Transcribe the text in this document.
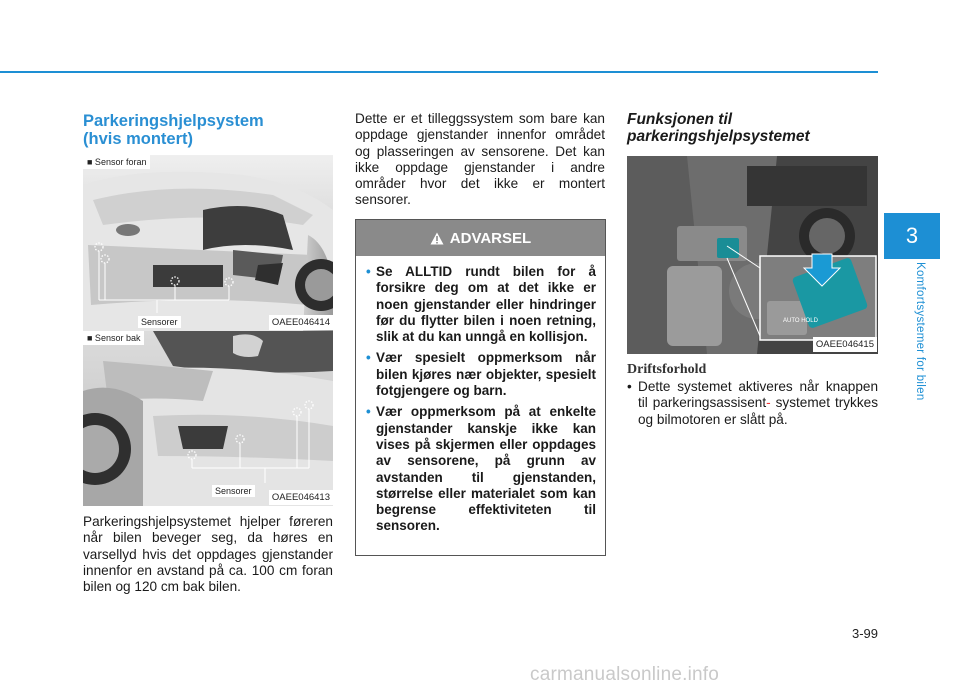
3
Komfortsystemer for bilen
Parkeringshjelpsystem
(hvis montert)
■ Sensor foran
Sensorer	OAEE046414
■ Sensor bak
Sensorer
OAEE046413

Parkeringshjelpsystemet hjelper føreren når bilen beveger seg, da høres en varsellyd hvis det oppdages gjenstander innenfor en avstand på ca. 100 cm foran bilen og 120 cm bak bilen.

Dette er et tilleggssystem som bare kan oppdage gjenstander innenfor området og plasseringen av sensorene. Det kan ikke oppdage gjenstander i andre områder hvor det ikke er montert sensorer.

ADVARSEL
• Se ALLTID rundt bilen for å forsikre deg om at det ikke er noen gjenstander eller hindringer før du flytter bilen i noen retning, slik at du kan unngå en kollisjon.
• Vær spesielt oppmerksom når bilen kjøres nær objekter, spesielt fotgjengere og barn.
• Vær oppmerksom på at enkelte gjenstander kanskje ikke kan vises på skjermen eller oppdages av sensorene, på grunn av avstanden til gjenstanden, størrelse eller materialet som kan begrense effektiviteten til sensoren.
Funksjonen til
parkeringshjelpsystemet
AUTO HOLD
OAEE046415
Driftsforhold
• Dette systemet aktiveres når knappen til parkeringsassisent- systemet trykkes og bilmotoren er slått på.
3-99
carmanualsonline.info
